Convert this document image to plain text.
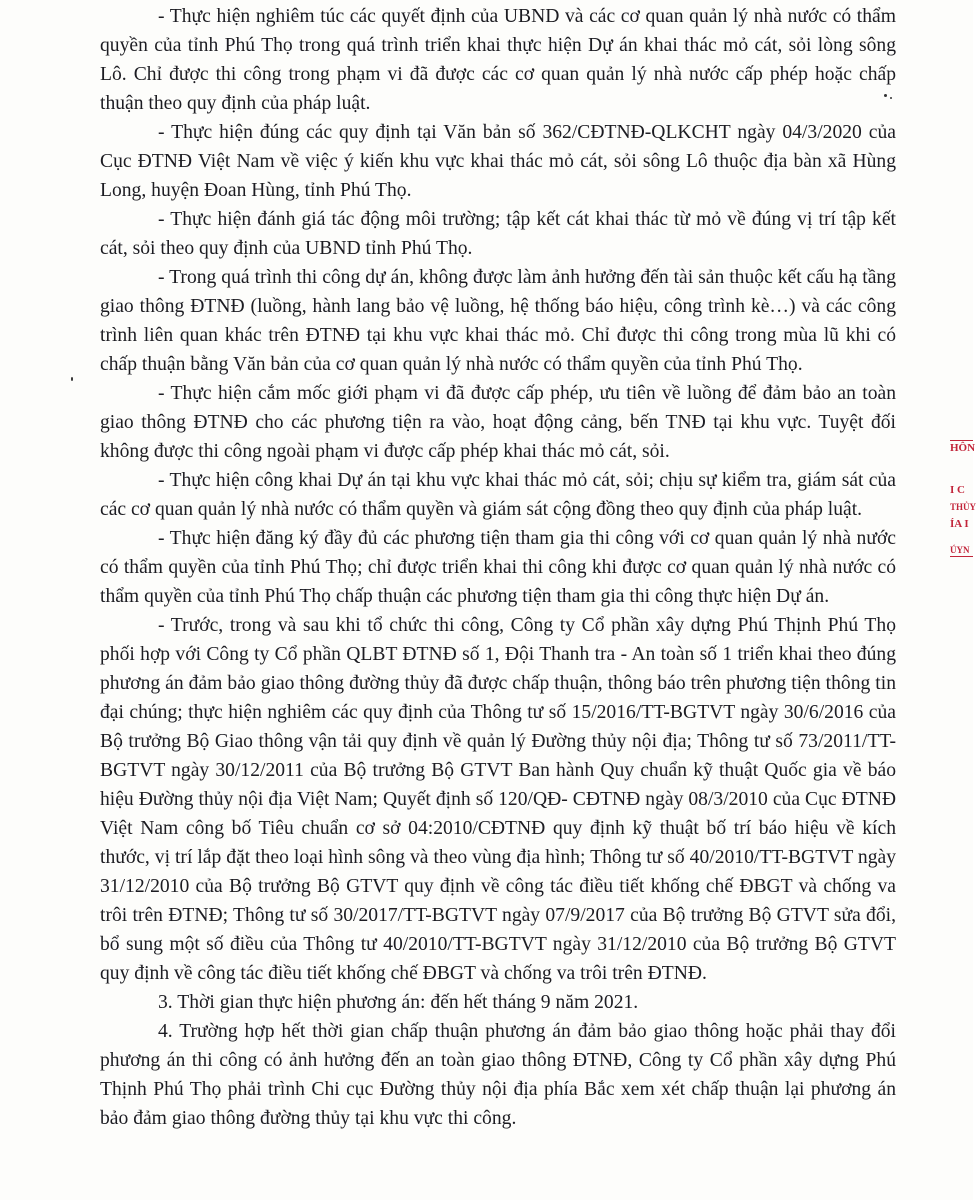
- Thực hiện nghiêm túc các quyết định của UBND và các cơ quan quản lý nhà nước có thẩm quyền của tỉnh Phú Thọ trong quá trình triển khai thực hiện Dự án khai thác mỏ cát, sỏi lòng sông Lô. Chỉ được thi công trong phạm vi đã được các cơ quan quản lý nhà nước cấp phép hoặc chấp thuận theo quy định của pháp luật.

- Thực hiện đúng các quy định tại Văn bản số 362/CĐTNĐ-QLKCHT ngày 04/3/2020 của Cục ĐTNĐ Việt Nam về việc ý kiến khu vực khai thác mỏ cát, sỏi sông Lô thuộc địa bàn xã Hùng Long, huyện Đoan Hùng, tỉnh Phú Thọ.

- Thực hiện đánh giá tác động môi trường; tập kết cát khai thác từ mỏ về đúng vị trí tập kết cát, sỏi theo quy định của UBND tỉnh Phú Thọ.

- Trong quá trình thi công dự án, không được làm ảnh hưởng đến tài sản thuộc kết cấu hạ tầng giao thông ĐTNĐ (luồng, hành lang bảo vệ luồng, hệ thống báo hiệu, công trình kè…) và các công trình liên quan khác trên ĐTNĐ tại khu vực khai thác mỏ. Chỉ được thi công trong mùa lũ khi có chấp thuận bằng Văn bản của cơ quan quản lý nhà nước có thẩm quyền của tỉnh Phú Thọ.

- Thực hiện cắm mốc giới phạm vi đã được cấp phép, ưu tiên về luồng để đảm bảo an toàn giao thông ĐTNĐ cho các phương tiện ra vào, hoạt động cảng, bến TNĐ tại khu vực. Tuyệt đối không được thi công ngoài phạm vi được cấp phép khai thác mỏ cát, sỏi.

- Thực hiện công khai Dự án tại khu vực khai thác mỏ cát, sỏi; chịu sự kiểm tra, giám sát của các cơ quan quản lý nhà nước có thẩm quyền và giám sát cộng đồng theo quy định của pháp luật.

- Thực hiện đăng ký đầy đủ các phương tiện tham gia thi công với cơ quan quản lý nhà nước có thẩm quyền của tỉnh Phú Thọ; chỉ được triển khai thi công khi được cơ quan quản lý nhà nước có thẩm quyền của tỉnh Phú Thọ chấp thuận các phương tiện tham gia thi công thực hiện Dự án.

- Trước, trong và sau khi tổ chức thi công, Công ty Cổ phần xây dựng Phú Thịnh Phú Thọ phối hợp với Công ty Cổ phần QLBT ĐTNĐ số 1, Đội Thanh tra - An toàn số 1 triển khai theo đúng phương án đảm bảo giao thông đường thủy đã được chấp thuận, thông báo trên phương tiện thông tin đại chúng; thực hiện nghiêm các quy định của Thông tư số 15/2016/TT-BGTVT ngày 30/6/2016 của Bộ trưởng Bộ Giao thông vận tải quy định về quản lý Đường thủy nội địa; Thông tư số 73/2011/TT-BGTVT ngày 30/12/2011 của Bộ trưởng Bộ GTVT Ban hành Quy chuẩn kỹ thuật Quốc gia về báo hiệu Đường thủy nội địa Việt Nam; Quyết định số 120/QĐ- CĐTNĐ ngày 08/3/2010 của Cục ĐTNĐ Việt Nam công bố Tiêu chuẩn cơ sở 04:2010/CĐTNĐ quy định kỹ thuật bố trí báo hiệu về kích thước, vị trí lắp đặt theo loại hình sông và theo vùng địa hình; Thông tư số 40/2010/TT-BGTVT ngày 31/12/2010 của Bộ trưởng Bộ GTVT quy định về công tác điều tiết khống chế ĐBGT và chống va trôi trên ĐTNĐ; Thông tư số 30/2017/TT-BGTVT ngày 07/9/2017 của Bộ trưởng Bộ GTVT sửa đổi, bổ sung một số điều của Thông tư 40/2010/TT-BGTVT ngày 31/12/2010 của Bộ trưởng Bộ GTVT quy định về công tác điều tiết khống chế ĐBGT và chống va trôi trên ĐTNĐ.

3. Thời gian thực hiện phương án: đến hết tháng 9 năm 2021.

4. Trường hợp hết thời gian chấp thuận phương án đảm bảo giao thông hoặc phải thay đổi phương án thi công có ảnh hưởng đến an toàn giao thông ĐTNĐ, Công ty Cổ phần xây dựng Phú Thịnh Phú Thọ phải trình Chi cục Đường thủy nội địa phía Bắc xem xét chấp thuận lại phương án bảo đảm giao thông đường thủy tại khu vực thi công.

HÔN
I C
THỦY
ÍA I
ÚYN
